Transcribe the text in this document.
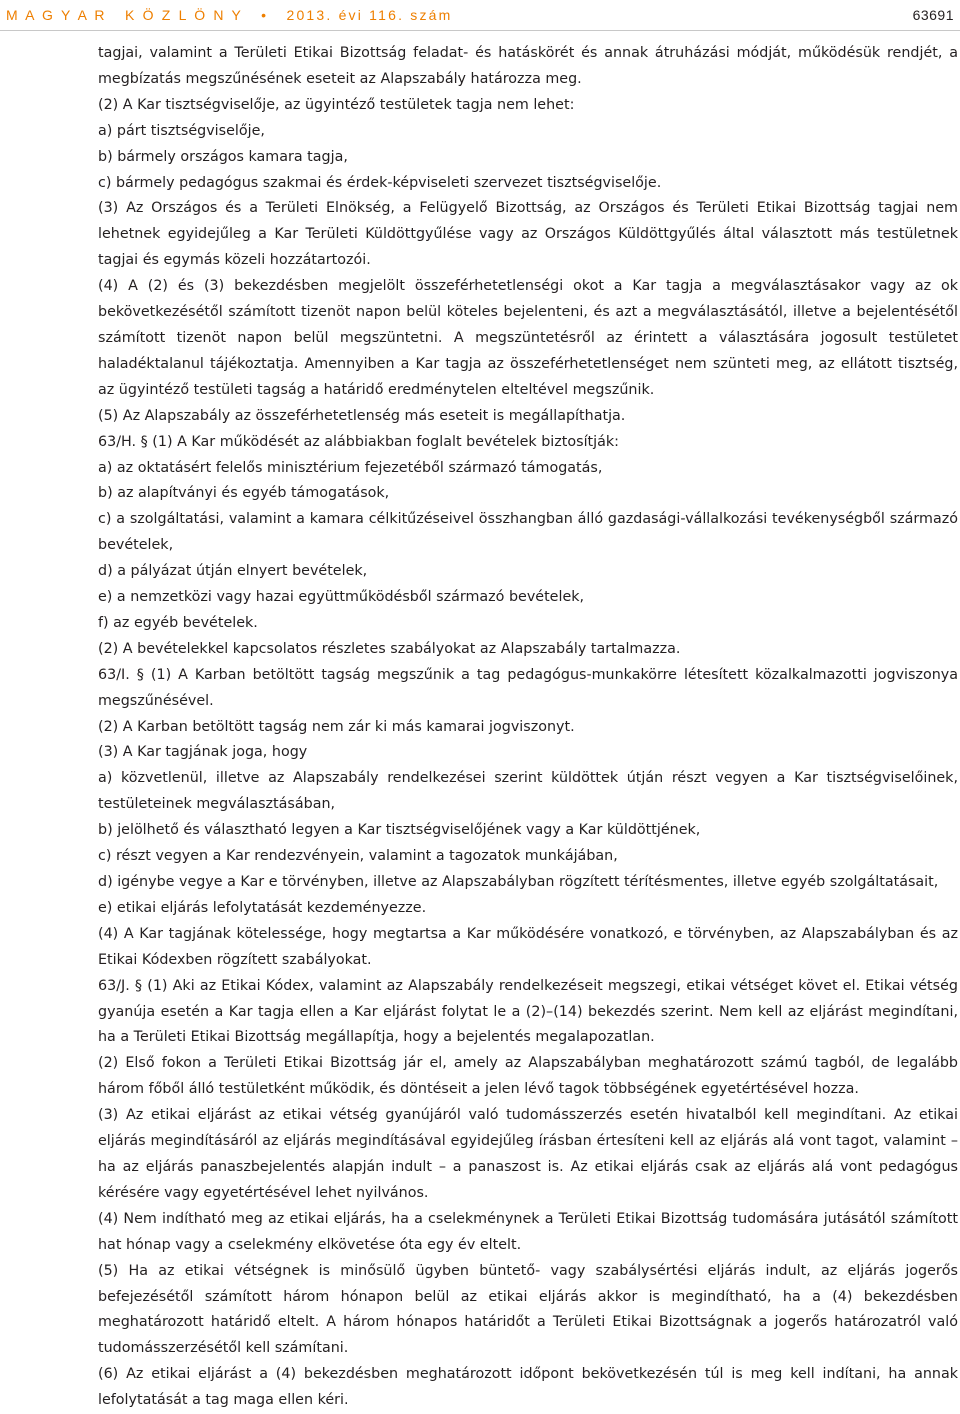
M A G Y A R   K Ö Z L Ö N Y   •   2013. évi 116. szám	63691

tagjai, valamint a Területi Etikai Bizottság feladat- és hatáskörét és annak átruházási módját, működésük rendjét, a megbízatás megszűnésének eseteit az Alapszabály határozza meg.

(2) A Kar tisztségviselője, az ügyintéző testületek tagja nem lehet:

a) párt tisztségviselője,

b) bármely országos kamara tagja,

c) bármely pedagógus szakmai és érdek-képviseleti szervezet tisztségviselője.

(3) Az Országos és a Területi Elnökség, a Felügyelő Bizottság, az Országos és Területi Etikai Bizottság tagjai nem lehetnek egyidejűleg a Kar Területi Küldöttgyűlése vagy az Országos Küldöttgyűlés által választott más testületnek tagjai és egymás közeli hozzátartozói.

(4) A (2) és (3) bekezdésben megjelölt összeférhetetlenségi okot a Kar tagja a megválasztásakor vagy az ok bekövetkezésétől számított tizenöt napon belül köteles bejelenteni, és azt a megválasztásától, illetve a bejelentésétől számított tizenöt napon belül megszüntetni. A megszüntetésről az érintett a választására jogosult testületet haladéktalanul tájékoztatja. Amennyiben a Kar tagja az összeférhetetlenséget nem szünteti meg, az ellátott tisztség, az ügyintéző testületi tagság a határidő eredménytelen elteltével megszűnik.

(5) Az Alapszabály az összeférhetetlenség más eseteit is megállapíthatja.

63/H. § (1) A Kar működését az alábbiakban foglalt bevételek biztosítják:

a) az oktatásért felelős minisztérium fejezetéből származó támogatás,

b) az alapítványi és egyéb támogatások,

c) a szolgáltatási, valamint a kamara célkitűzéseivel összhangban álló gazdasági-vállalkozási tevékenységből származó bevételek,

d) a pályázat útján elnyert bevételek,

e) a nemzetközi vagy hazai együttműködésből származó bevételek,

f) az egyéb bevételek.

(2) A bevételekkel kapcsolatos részletes szabályokat az Alapszabály tartalmazza.

63/I. § (1) A Karban betöltött tagság megszűnik a tag pedagógus-munkakörre létesített közalkalmazotti jogviszonya megszűnésével.

(2) A Karban betöltött tagság nem zár ki más kamarai jogviszonyt.

(3) A Kar tagjának joga, hogy

a) közvetlenül, illetve az Alapszabály rendelkezései szerint küldöttek útján részt vegyen a Kar tisztségviselőinek, testületeinek megválasztásában,

b) jelölhető és választható legyen a Kar tisztségviselőjének vagy a Kar küldöttjének,

c) részt vegyen a Kar rendezvényein, valamint a tagozatok munkájában,

d) igénybe vegye a Kar e törvényben, illetve az Alapszabályban rögzített térítésmentes, illetve egyéb szolgáltatásait,

e) etikai eljárás lefolytatását kezdeményezze.

(4) A Kar tagjának kötelessége, hogy megtartsa a Kar működésére vonatkozó, e törvényben, az Alapszabályban és az Etikai Kódexben rögzített szabályokat.

63/J. § (1) Aki az Etikai Kódex, valamint az Alapszabály rendelkezéseit megszegi, etikai vétséget követ el. Etikai vétség gyanúja esetén a Kar tagja ellen a Kar eljárást folytat le a (2)–(14) bekezdés szerint. Nem kell az eljárást megindítani, ha a Területi Etikai Bizottság megállapítja, hogy a bejelentés megalapozatlan.

(2) Első fokon a Területi Etikai Bizottság jár el, amely az Alapszabályban meghatározott számú tagból, de legalább három főből álló testületként működik, és döntéseit a jelen lévő tagok többségének egyetértésével hozza.

(3) Az etikai eljárást az etikai vétség gyanújáról való tudomásszerzés esetén hivatalból kell megindítani. Az etikai eljárás megindításáról az eljárás megindításával egyidejűleg írásban értesíteni kell az eljárás alá vont tagot, valamint – ha az eljárás panaszbejelentés alapján indult – a panaszost is. Az etikai eljárás csak az eljárás alá vont pedagógus kérésére vagy egyetértésével lehet nyilvános.

(4) Nem indítható meg az etikai eljárás, ha a cselekménynek a Területi Etikai Bizottság tudomására jutásától számított hat hónap vagy a cselekmény elkövetése óta egy év eltelt.

(5) Ha az etikai vétségnek is minősülő ügyben büntető- vagy szabálysértési eljárás indult, az eljárás jogerős befejezésétől számított három hónapon belül az etikai eljárás akkor is megindítható, ha a (4) bekezdésben meghatározott határidő eltelt. A három hónapos határidőt a Területi Etikai Bizottságnak a jogerős határozatról való tudomásszerzésétől kell számítani.

(6) Az etikai eljárást a (4) bekezdésben meghatározott időpont bekövetkezésén túl is meg kell indítani, ha annak lefolytatását a tag maga ellen kéri.
